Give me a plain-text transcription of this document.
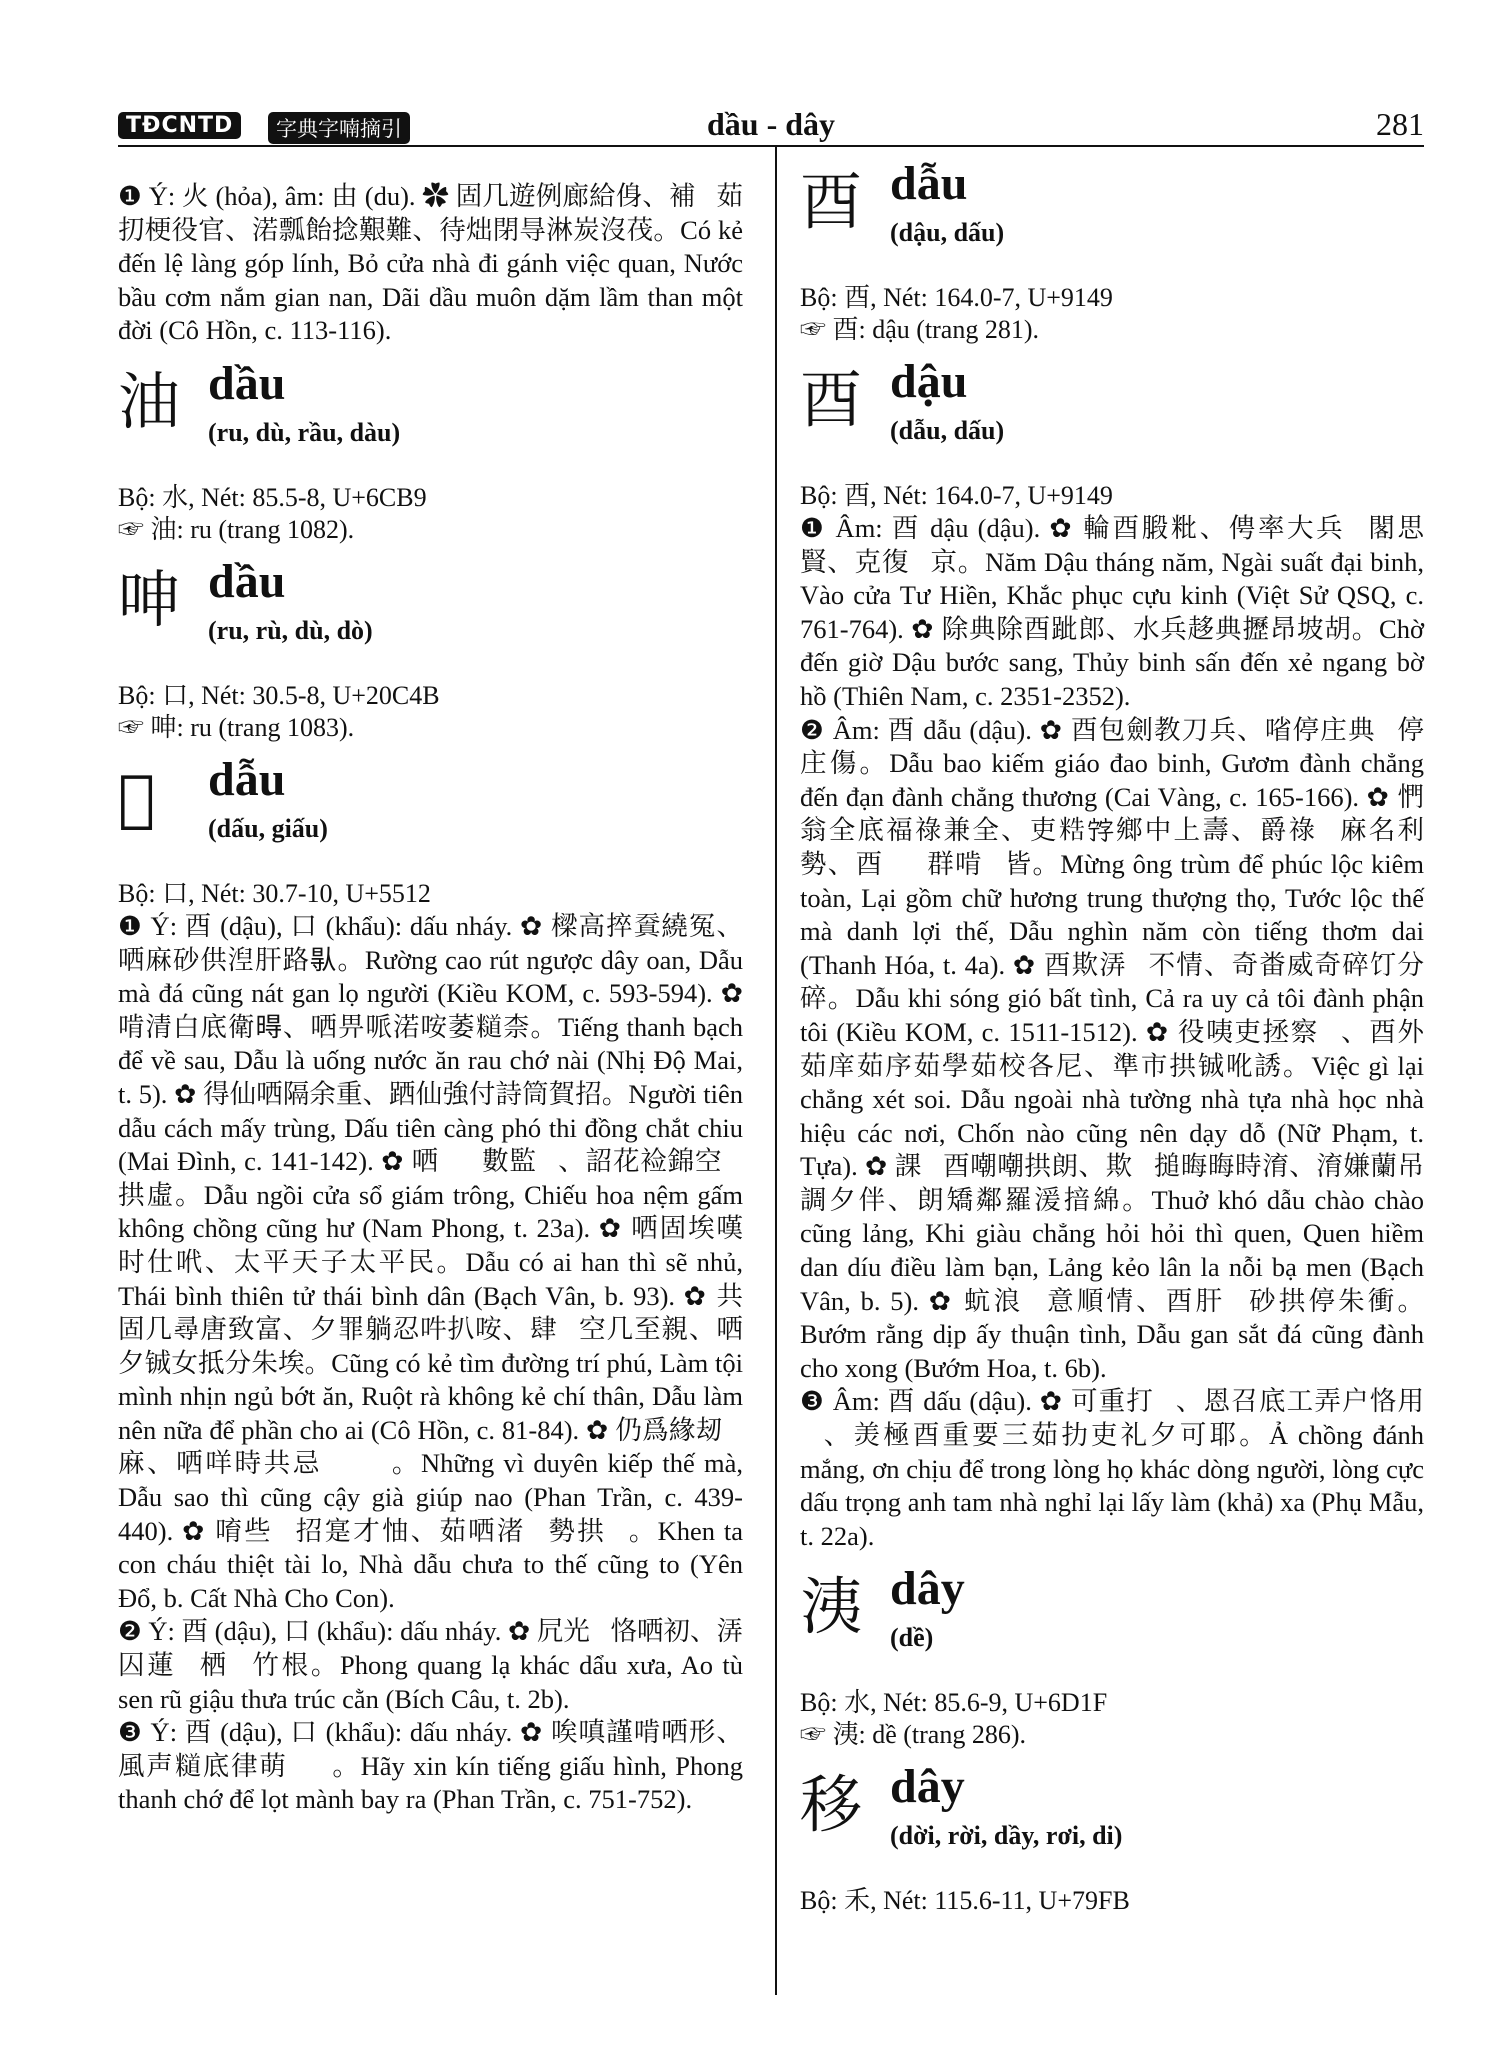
TĐCNTD	字典字喃摘引	dầu - dây	281

❶ Ý: 火 (hỏa), âm: 由 (du). ✿ 固几遊例廊給㑗、補𠓨茹㧅梗役官、渃瓢飴捻艱難、待炪閉㝵淋炭沒茷。Có kẻ đến lệ làng góp lính, Bỏ cửa nhà đi gánh việc quan, Nước bầu cơm nắm gian nan, Dãi dầu muôn dặm lầm than một đời (Cô Hồn, c. 113-116).

油 dầu
(ru, dù, rầu, dàu)

Bộ: 水, Nét: 85.5-8, U+6CB9

☞ 油: ru (trang 1082).

呻 dầu
(ru, rù, dù, dò)

Bộ: 口, Nét: 30.5-8, U+20C4B

☞ 呻: ru (trang 1083).

𠰷 dẫu
(dấu, giấu)

Bộ: 口, Nét: 30.7-10, U+5512

❶ Ý: 酉 (dậu), 口 (khẩu): dấu nháy. ✿ 樑高捽𠔬繞冤、哂麻砂供湼肝路𠊛。Rường cao rút ngược dây oan, Dẫu mà đá cũng nát gan lọ người (Kiều KOM, c. 593-594). ✿ 啃清白底衛𣈜、哂畀哌渃咹萎𥽌柰。Tiếng thanh bạch để về sau, Dẫu là uống nước ăn rau chớ nài (Nhị Độ Mai, t. 5). ✿ 得仙哂隔余重、跴仙強付詩筒賀招。Người tiên dẫu cách mấy trùng, Dấu tiên càng phó thi đồng chắt chiu (Mai Đình, c. 141-142). ✿ 哂𢗝𠓨數監𨴦、詔花裣錦空𡗉拱虛。Dẫu ngồi cửa sổ giám trông, Chiếu hoa nệm gấm không chồng cũng hư (Nam Phong, t. 23a). ✿ 哂固埃嘆时仕𠰺、太平天子太平民。Dẫu có ai han thì sẽ nhủ, Thái bình thiên tử thái bình dân (Bạch Vân, b. 93). ✿ 共固几尋唐致富、夕罪躺忍吽扒咹、肆𦛌空几至親、哂夕铖女抵分朱埃。Cũng có kẻ tìm đường trí phú, Làm tội mình nhịn ngủ bớt ăn, Ruột rà không kẻ chí thân, Dẫu làm nên nữa để phần cho ai (Cô Hồn, c. 81-84). ✿ 仍爲緣刼𢪀麻、哂咩時共忌𨁟𠸨𡘮。Những vì duyên kiếp thế mà, Dẫu sao thì cũng cậy già giúp nao (Phan Trần, c. 439-440). ✿ 唷些𢬣招寔才怞、茹哂渚𢀨勢拱𢀨。Khen ta con cháu thiệt tài lo, Nhà dẫu chưa to thế cũng to (Yên Đổ, b. Cất Nhà Cho Con).

❷ Ý: 酉 (dậu), 口 (khẩu): dấu nháy. ✿ 凥光𨁪恪哂初、㳥囚蓮𥹰栖𥻸竹根。Phong quang lạ khác dẩu xưa, Ao tù sen rũ giậu thưa trúc cằn (Bích Câu, t. 2b).

❸ Ý: 酉 (dậu), 口 (khẩu): dấu nháy. ✿ 唉嗔謹啃哂形、風声𥽌底律萌𡧲𡂂。Hãy xin kín tiếng giấu hình, Phong thanh chớ để lọt mành bay ra (Phan Trần, c. 751-752).

酉 dẫu
(dậu, dấu)

Bộ: 酉, Nét: 164.0-7, U+9149

☞ 酉: dậu (trang 281).

酉 dậu
(dẫu, dấu)

Bộ: 酉, Nét: 164.0-7, U+9149

❶ Âm: 酉 dậu (dậu). ✿ 輪酉腶粃、俜率大兵𠓨閣思賢、克復𦊚京。Năm Dậu tháng năm, Ngài suất đại binh, Vào cửa Tư Hiền, Khắc phục cựu kinh (Việt Sử QSQ, c. 761-764). ✿ 除典除酉跐郎、水兵趍典攊昂坡胡。Chờ đến giờ Dậu bước sang, Thủy binh sấn đến xẻ ngang bờ hồ (Thiên Nam, c. 2351-2352).

❷ Âm: 酉 dẫu (dậu). ✿ 酉包劍教刀兵、㗂停庄典𢚸停庄傷。Dẫu bao kiếm giáo đao binh, Gươm đành chẳng đến đạn đành chẳng thương (Cai Vàng, c. 165-166). ✿ 㥃翁全底福祿兼全、吏𥺊𡨸鄉中上壽、爵祿𢪀麻名利勢、酉𢆥𢆥群啃𦹳皆。Mừng ông trùm để phúc lộc kiêm toàn, Lại gồm chữ hương trung thượng thọ, Tước lộc thế mà danh lợi thế, Dẫu nghìn năm còn tiếng thơm dai (Thanh Hóa, t. 4a). ✿ 酉欺㳥𩙌不情、奇畨威奇碎饤分碎。Dẫu khi sóng gió bất tình, Cả ra uy cả tôi đành phận tôi (Kiều KOM, c. 1511-1512). ✿ 役咦吏拯察𥊣、酉外茹庠茹序茹學茹校各尼、準市拱铖吪誘。Việc gì lại chẳng xét soi. Dẫu ngoài nhà tường nhà tựa nhà học nhà hiệu các nơi, Chốn nào cũng nên dạy dỗ (Nữ Phạm, t. Tựa). ✿ 課𩟡酉嘲嘲拱朗、欺𠁀搥晦晦時淯、淯嫌蘭吊調夕伴、朗矯鄰羅湲揞綿。Thuở khó dẫu chào chào cũng lảng, Khi giàu chẳng hỏi hỏi thì quen, Quen hiềm dan díu điều làm bạn, Lảng kẻo lân la nỗi bạ men (Bạch Vân, b. 5). ✿ 蚢浪𠾕意順情、酉肝𠽔砂拱停朱衝。Bướm rằng dịp ấy thuận tình, Dẫu gan sắt đá cũng đành cho xong (Bướm Hoa, t. 6b).

❸ Âm: 酉 dấu (dậu). ✿ 可重打𢪀、恩召底工弄户恪用𦂾、羙極酉重要三茹扐吏礼夕可耶。Ả chồng đánh mắng, ơn chịu để trong lòng họ khác dòng người, lòng cực dấu trọng anh tam nhà nghỉ lại lấy làm (khả) xa (Phụ Mẫu, t. 22a).

洟 dây
(dề)

Bộ: 水, Nét: 85.6-9, U+6D1F

☞ 洟: dề (trang 286).

移 dây
(dời, rời, dầy, rơi, di)

Bộ: 禾, Nét: 115.6-11, U+79FB
